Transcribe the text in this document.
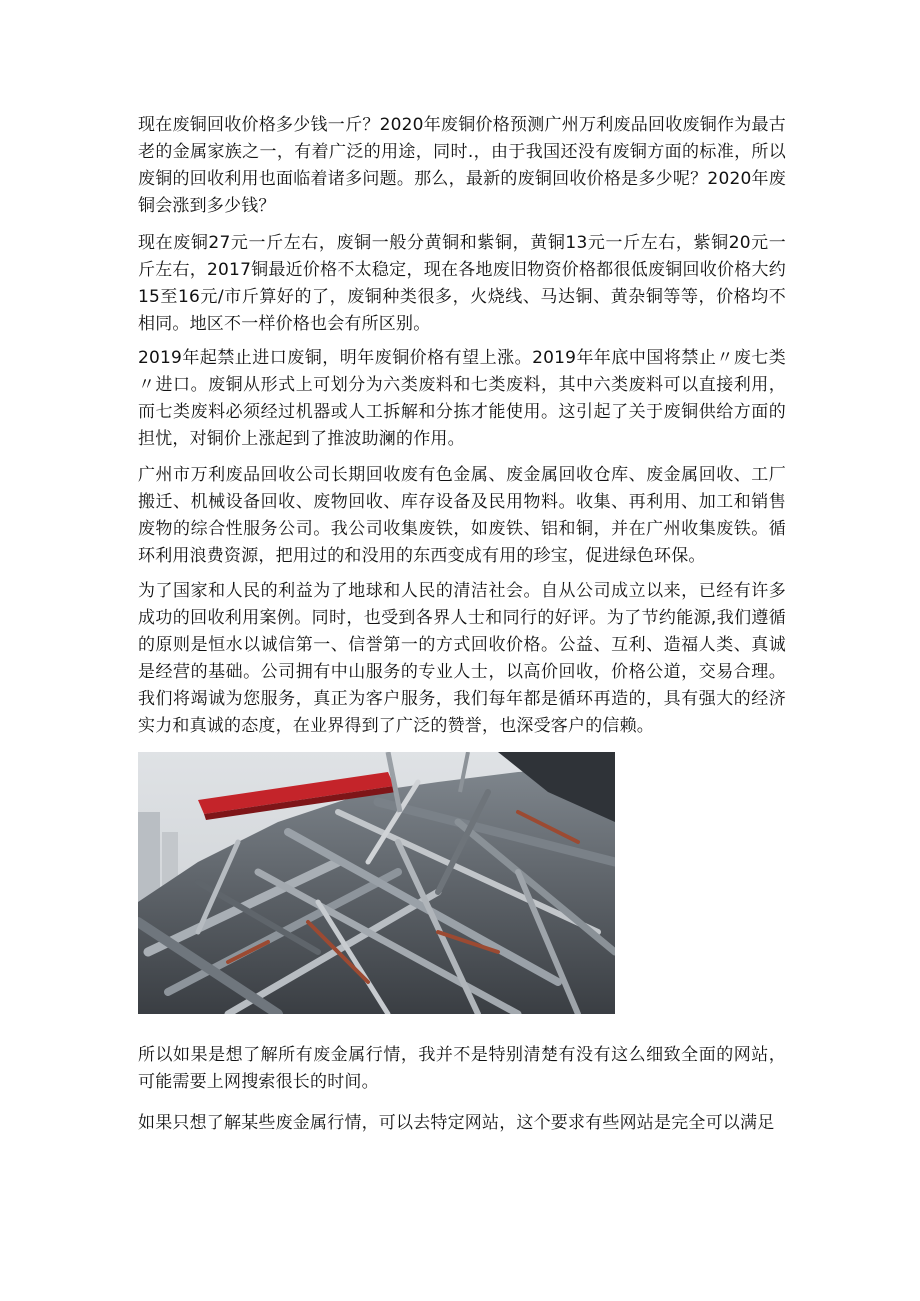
现在废铜回收价格多少钱一斤？2020年废铜价格预测广州万利废品回收废铜作为最古老的金属家族之一，有着广泛的用途，同时.，由于我国还没有废铜方面的标准，所以废铜的回收利用也面临着诸多问题。那么，最新的废铜回收价格是多少呢？2020年废铜会涨到多少钱？

现在废铜27元一斤左右，废铜一般分黄铜和紫铜，黄铜13元一斤左右，紫铜20元一斤左右，2017铜最近价格不太稳定，现在各地废旧物资价格都很低废铜回收价格大约15至16元/市斤算好的了，废铜种类很多，火烧线、马达铜、黄杂铜等等，价格均不相同。地区不一样价格也会有所区别。

2019年起禁止进口废铜，明年废铜价格有望上涨。2019年年底中国将禁止〃废七类〃进口。废铜从形式上可划分为六类废料和七类废料，其中六类废料可以直接利用，而七类废料必须经过机器或人工拆解和分拣才能使用。这引起了关于废铜供给方面的担忧，对铜价上涨起到了推波助澜的作用。

广州市万利废品回收公司长期回收废有色金属、废金属回收仓库、废金属回收、工厂搬迁、机械设备回收、废物回收、库存设备及民用物料。收集、再利用、加工和销售废物的综合性服务公司。我公司收集废铁，如废铁、铝和铜，并在广州收集废铁。循环利用浪费资源，把用过的和没用的东西变成有用的珍宝，促进绿色环保。

为了国家和人民的利益为了地球和人民的清洁社会。自从公司成立以来，已经有许多成功的回收利用案例。同时，也受到各界人士和同行的好评。为了节约能源,我们遵循的原则是恒水以诚信第一、信誉第一的方式回收价格。公益、互利、造福人类、真诚是经营的基础。公司拥有中山服务的专业人士，以高价回收，价格公道，交易合理。我们将竭诚为您服务，真正为客户服务，我们每年都是循环再造的，具有强大的经济实力和真诚的态度，在业界得到了广泛的赞誉，也深受客户的信赖。

所以如果是想了解所有废金属行情，我并不是特别清楚有没有这么细致全面的网站，可能需要上网搜索很长的时间。

如果只想了解某些废金属行情，可以去特定网站，这个要求有些网站是完全可以满足
